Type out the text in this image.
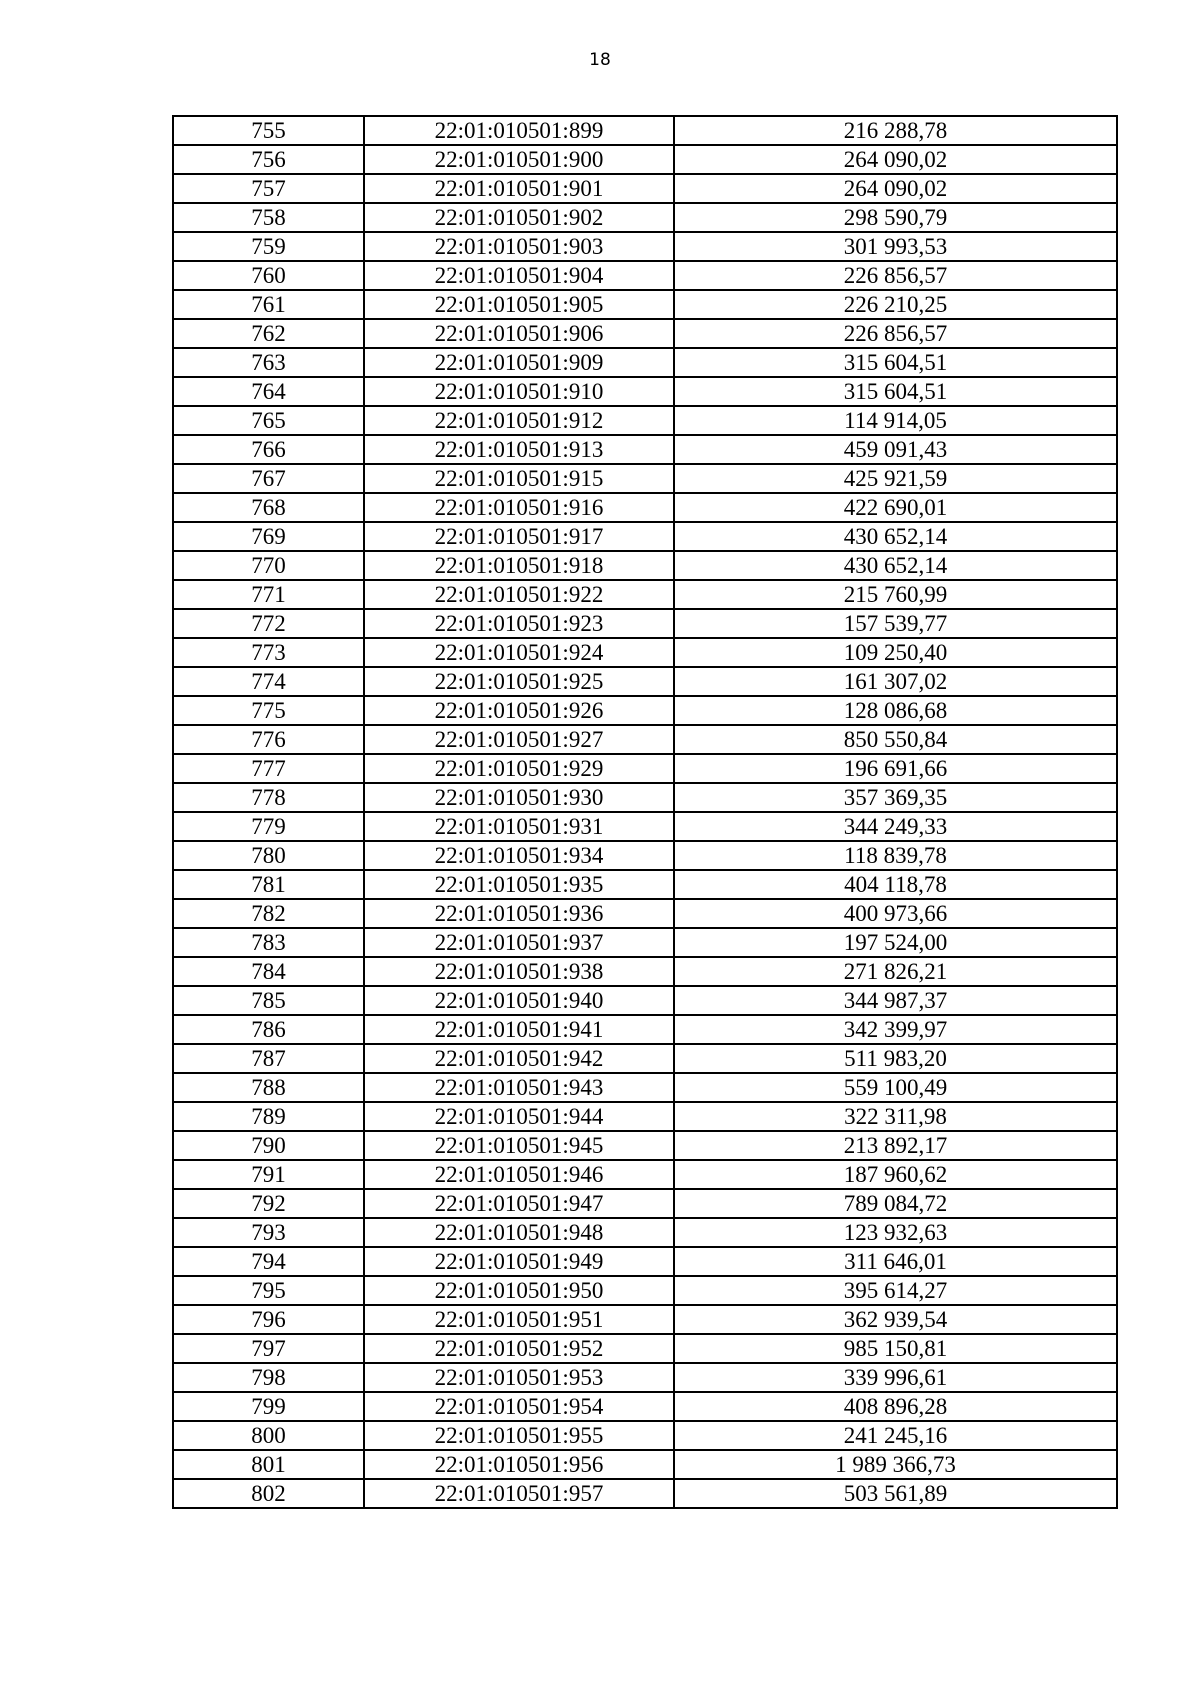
18
755	22:01:010501:899	216 288,78
756	22:01:010501:900	264 090,02
757	22:01:010501:901	264 090,02
758	22:01:010501:902	298 590,79
759	22:01:010501:903	301 993,53
760	22:01:010501:904	226 856,57
761	22:01:010501:905	226 210,25
762	22:01:010501:906	226 856,57
763	22:01:010501:909	315 604,51
764	22:01:010501:910	315 604,51
765	22:01:010501:912	114 914,05
766	22:01:010501:913	459 091,43
767	22:01:010501:915	425 921,59
768	22:01:010501:916	422 690,01
769	22:01:010501:917	430 652,14
770	22:01:010501:918	430 652,14
771	22:01:010501:922	215 760,99
772	22:01:010501:923	157 539,77
773	22:01:010501:924	109 250,40
774	22:01:010501:925	161 307,02
775	22:01:010501:926	128 086,68
776	22:01:010501:927	850 550,84
777	22:01:010501:929	196 691,66
778	22:01:010501:930	357 369,35
779	22:01:010501:931	344 249,33
780	22:01:010501:934	118 839,78
781	22:01:010501:935	404 118,78
782	22:01:010501:936	400 973,66
783	22:01:010501:937	197 524,00
784	22:01:010501:938	271 826,21
785	22:01:010501:940	344 987,37
786	22:01:010501:941	342 399,97
787	22:01:010501:942	511 983,20
788	22:01:010501:943	559 100,49
789	22:01:010501:944	322 311,98
790	22:01:010501:945	213 892,17
791	22:01:010501:946	187 960,62
792	22:01:010501:947	789 084,72
793	22:01:010501:948	123 932,63
794	22:01:010501:949	311 646,01
795	22:01:010501:950	395 614,27
796	22:01:010501:951	362 939,54
797	22:01:010501:952	985 150,81
798	22:01:010501:953	339 996,61
799	22:01:010501:954	408 896,28
800	22:01:010501:955	241 245,16
801	22:01:010501:956	1 989 366,73
802	22:01:010501:957	503 561,89
